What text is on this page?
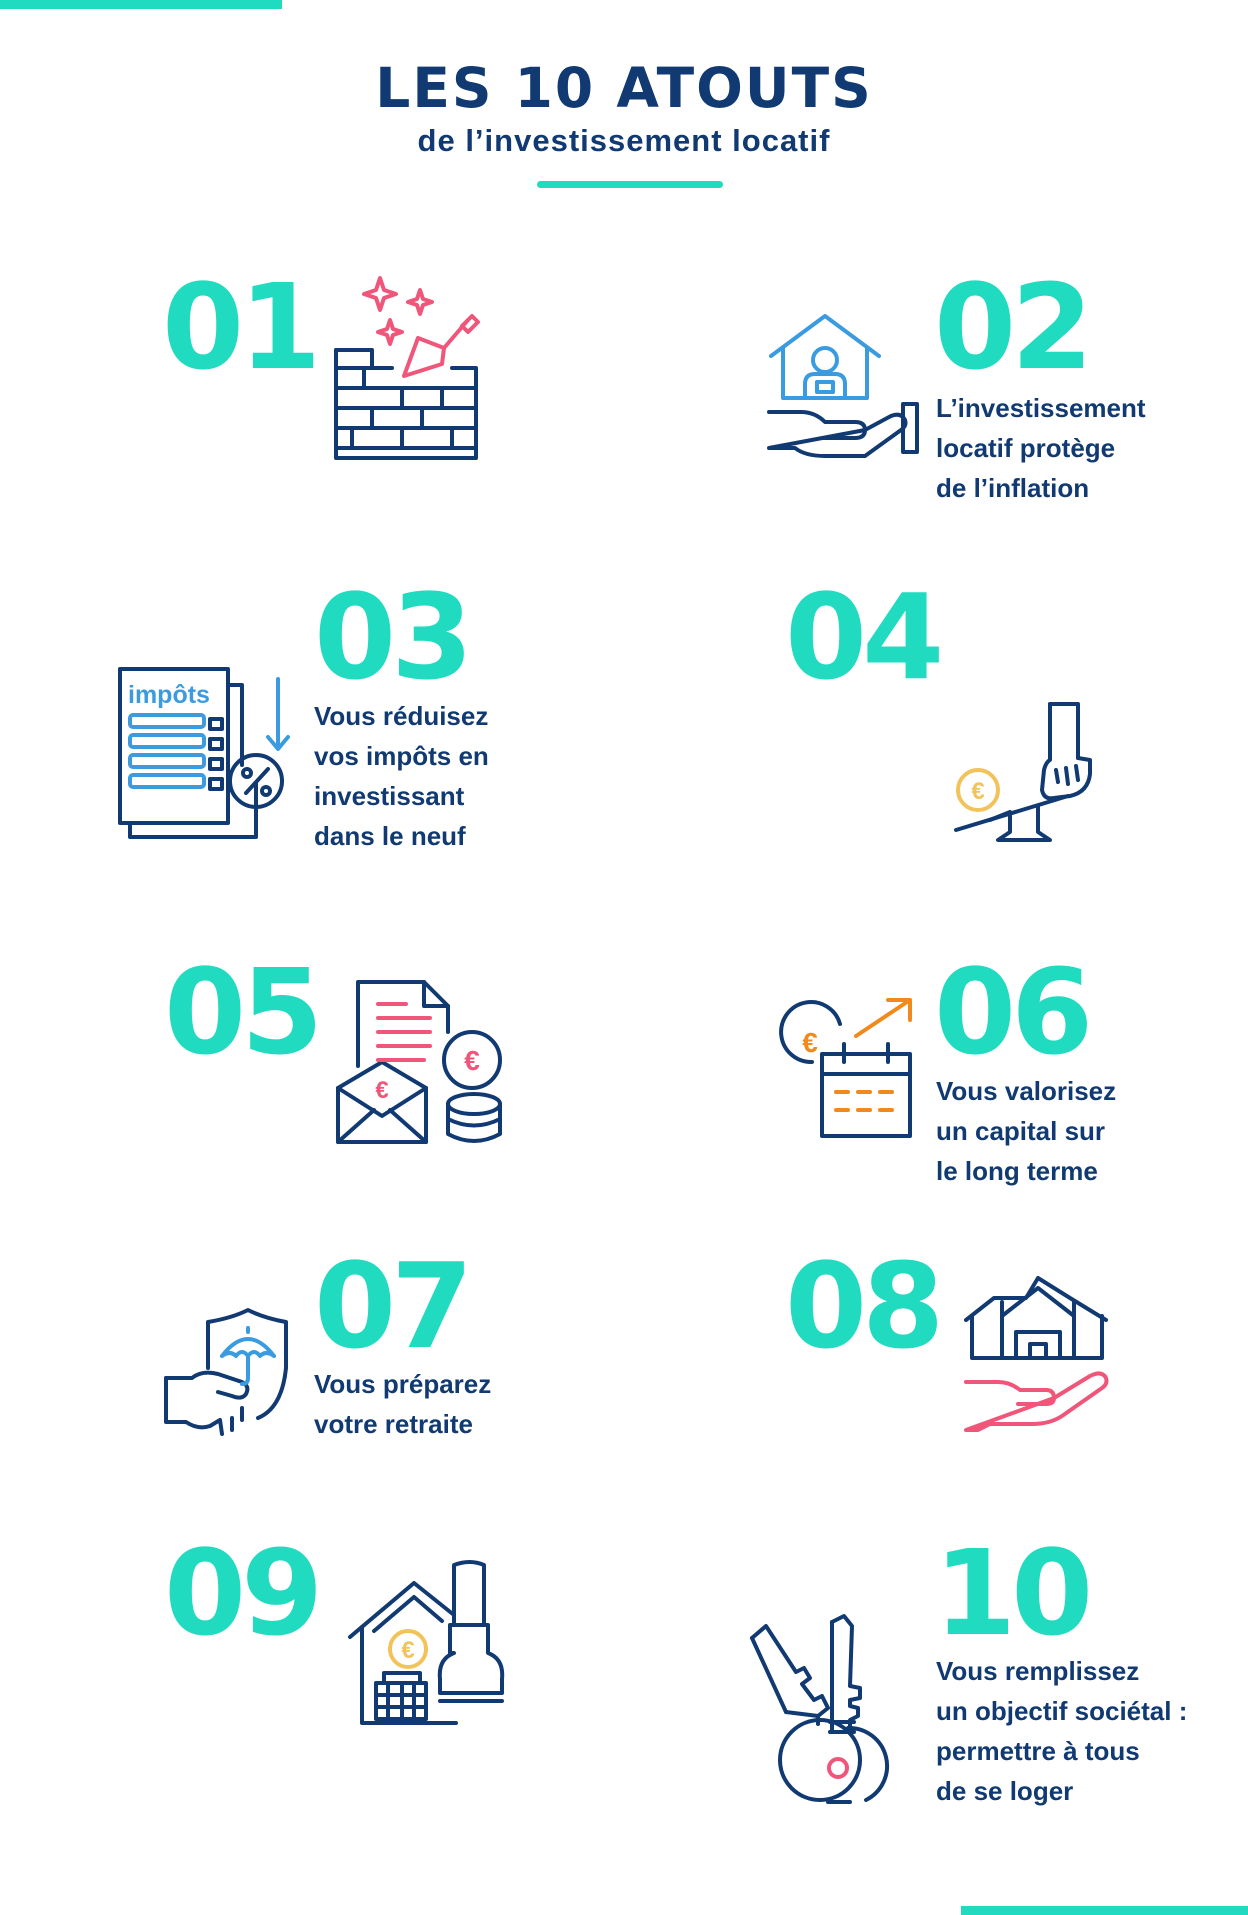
LES 10 ATOUTS
de l’investissement locatif
01	02
L’investissement
locatif protège
de l’inflation
03
Vous réduisez
vos impôts en
investissant
dans le neuf
impôts	04
€
05
€
€	06
Vous valorisez
un capital sur
le long terme
€
07
Vous préparez
votre retraite
08
09	€	10
Vous remplissez
un objectif sociétal :
permettre à tous
de se loger
